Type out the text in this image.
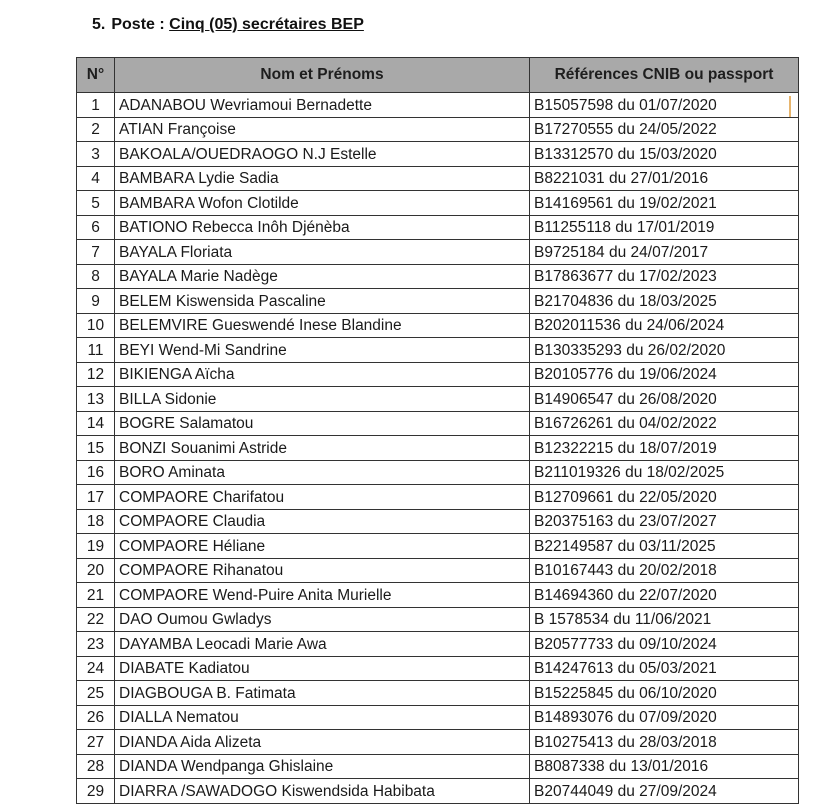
5. Poste : Cinq (05) secrétaires BEP
N°	Nom et Prénoms	Références CNIB ou passport
1	ADANABOU Wevriamoui Bernadette	B15057598 du 01/07/2020
2	ATIAN Françoise	B17270555 du 24/05/2022
3	BAKOALA/OUEDRAOGO N.J Estelle	B13312570 du 15/03/2020
4	BAMBARA Lydie Sadia	B8221031 du 27/01/2016
5	BAMBARA Wofon Clotilde	B14169561 du 19/02/2021
6	BATIONO Rebecca Inôh Djénèba	B11255118 du 17/01/2019
7	BAYALA Floriata	B9725184 du 24/07/2017
8	BAYALA Marie Nadège	B17863677 du 17/02/2023
9	BELEM Kiswensida Pascaline	B21704836 du 18/03/2025
10	BELEMVIRE Gueswendé Inese Blandine	B202011536 du 24/06/2024
11	BEYI Wend-Mi Sandrine	B130335293 du 26/02/2020
12	BIKIENGA Aïcha	B20105776 du 19/06/2024
13	BILLA Sidonie	B14906547 du 26/08/2020
14	BOGRE Salamatou	B16726261 du 04/02/2022
15	BONZI Souanimi Astride	B12322215 du 18/07/2019
16	BORO Aminata	B211019326 du 18/02/2025
17	COMPAORE Charifatou	B12709661 du 22/05/2020
18	COMPAORE Claudia	B20375163 du 23/07/2027
19	COMPAORE Héliane	B22149587 du 03/11/2025
20	COMPAORE Rihanatou	B10167443 du 20/02/2018
21	COMPAORE Wend-Puire Anita Murielle	B14694360 du 22/07/2020
22	DAO Oumou Gwladys	B 1578534 du 11/06/2021
23	DAYAMBA Leocadi Marie Awa	B20577733 du 09/10/2024
24	DIABATE Kadiatou	B14247613 du 05/03/2021
25	DIAGBOUGA B. Fatimata	B15225845 du 06/10/2020
26	DIALLA Nematou	B14893076 du 07/09/2020
27	DIANDA Aida Alizeta	B10275413 du 28/03/2018
28	DIANDA Wendpanga Ghislaine	B8087338 du 13/01/2016
29	DIARRA /SAWADOGO Kiswendsida Habibata	B20744049 du 27/09/2024
